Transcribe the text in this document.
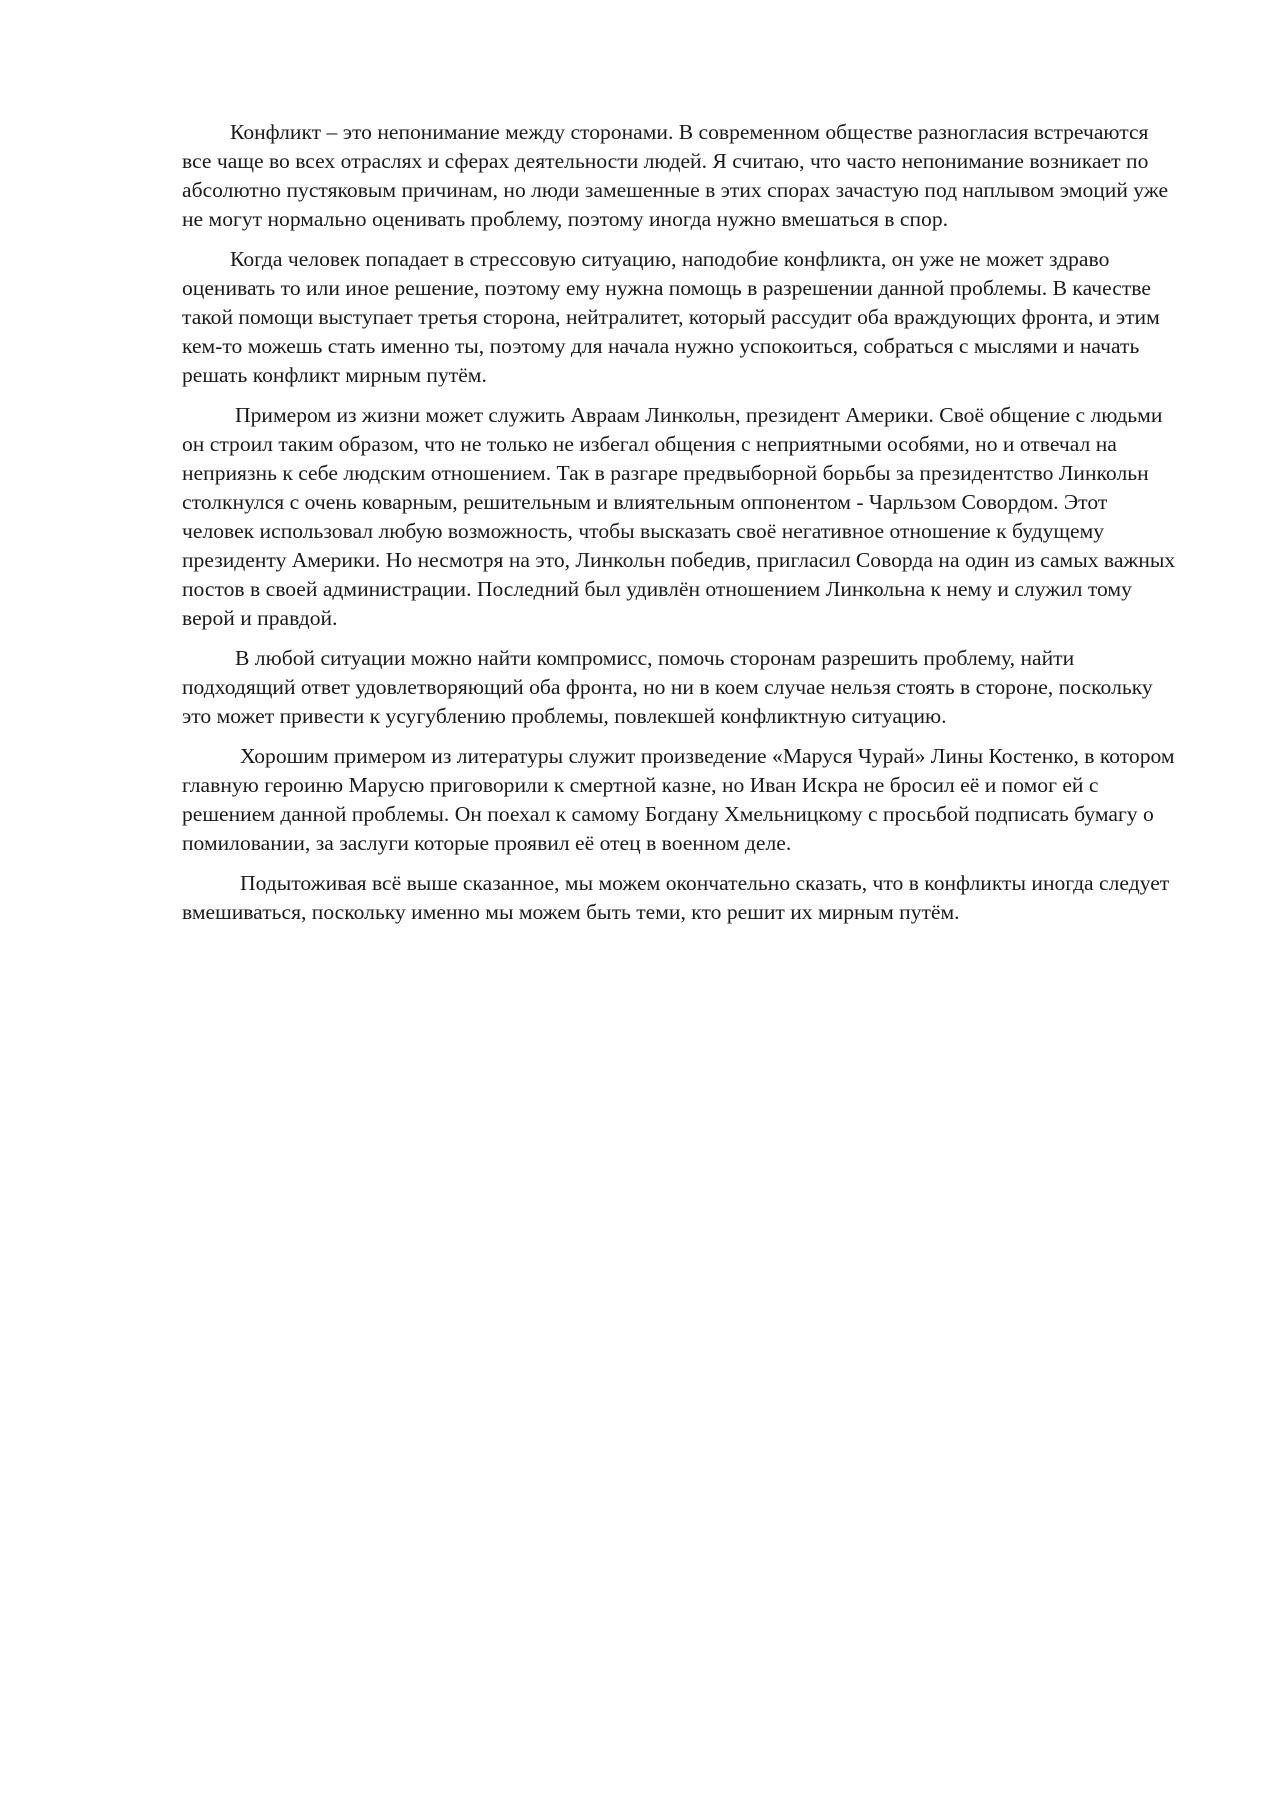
Конфликт – это непонимание между сторонами. В современном обществе разногласия встречаются все чаще во всех отраслях и сферах деятельности людей. Я считаю, что часто непонимание возникает по абсолютно пустяковым причинам, но люди замешенные в этих спорах зачастую под наплывом эмоций уже не могут нормально оценивать проблему, поэтому иногда нужно вмешаться в спор.

Когда человек попадает в стрессовую ситуацию, наподобие конфликта, он уже не может здраво оценивать то или иное решение, поэтому ему нужна помощь в разрешении данной проблемы. В качестве такой помощи выступает третья сторона, нейтралитет, который рассудит оба враждующих фронта, и этим кем-то можешь стать именно ты, поэтому для начала нужно успокоиться, собраться с мыслями и начать решать конфликт мирным путём.

Примером из жизни может служить Авраам Линкольн, президент Америки. Своё общение с людьми он строил таким образом, что не только не избегал общения с неприятными особями, но и отвечал на неприязнь к себе людским отношением. Так в разгаре предвыборной борьбы за президентство Линкольн столкнулся с очень коварным, решительным и влиятельным оппонентом - Чарльзом Совордом. Этот человек использовал любую возможность, чтобы высказать своё негативное отношение к будущему президенту Америки. Но несмотря на это, Линкольн победив, пригласил Соворда на один из самых важных постов в своей администрации. Последний был удивлён отношением Линкольна к нему и служил тому верой и правдой.

В любой ситуации можно найти компромисс, помочь сторонам разрешить проблему, найти подходящий ответ удовлетворяющий оба фронта, но ни в коем случае нельзя стоять в стороне, поскольку это может привести к усугублению проблемы, повлекшей конфликтную ситуацию.

Хорошим примером из литературы служит произведение «Маруся Чурай» Лины Костенко, в котором главную героиню Марусю приговорили к смертной казне, но Иван Искра не бросил её и помог ей с решением данной проблемы. Он поехал к самому Богдану Хмельницкому с просьбой подписать бумагу о помиловании, за заслуги которые проявил её отец в военном деле.

Подытоживая всё выше сказанное, мы можем окончательно сказать, что в конфликты иногда следует вмешиваться, поскольку именно мы можем быть теми, кто решит их мирным путём.
